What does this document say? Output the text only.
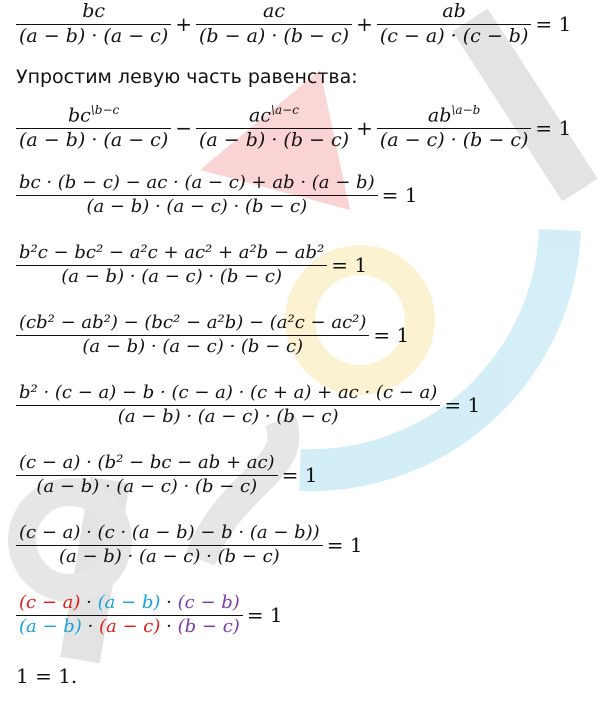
$\frac{bc}{(a - b) \cdot (a - c)} + \frac{ac}{(b - a) \cdot (b - c)} + \frac{ab}{(c - a) \cdot (c - b)} = 1$
Упростим левую часть равенства:
$\frac{bc^{\backslash b-c}}{(a - b) \cdot (a - c)} - \frac{ac^{\backslash a-c}}{(a - b) \cdot (b - c)} + \frac{ab^{\backslash a-b}}{(a - c) \cdot (b - c)} = 1$
$\frac{bc \cdot (b - c) - ac \cdot (a - c) + ab \cdot (a - b)}{(a - b) \cdot (a - c) \cdot (b - c)} = 1$
$\frac{\text{b²c − bc² − a²c + ac² + a²b − ab²}}{(a - b) \cdot (a - c) \cdot (b - c)} = 1$
$\frac{\text{(cb² − ab²) − (bc² − a²b) − (a²c − ac²)}}{(a - b) \cdot (a - c) \cdot (b - c)} = 1$
$\frac{\text{b² · (c − a) − b · (c − a) · (c + a) + ac · (c − a)}}{(a - b) \cdot (a - c) \cdot (b - c)} = 1$
$\frac{\text{(c − a) · (b² − bc − ab + ac)}}{(a - b) \cdot (a - c) \cdot (b - c)} = 1$
$\frac{(c - a) \cdot (c \cdot (a - b) - b \cdot (a - b))}{(a - b) \cdot (a - c) \cdot (b - c)} = 1$
$\frac{(c - a) \cdot (a - b) \cdot (c - b)}{(a - b) \cdot (a - c) \cdot (b - c)} = 1$
1 = 1.
